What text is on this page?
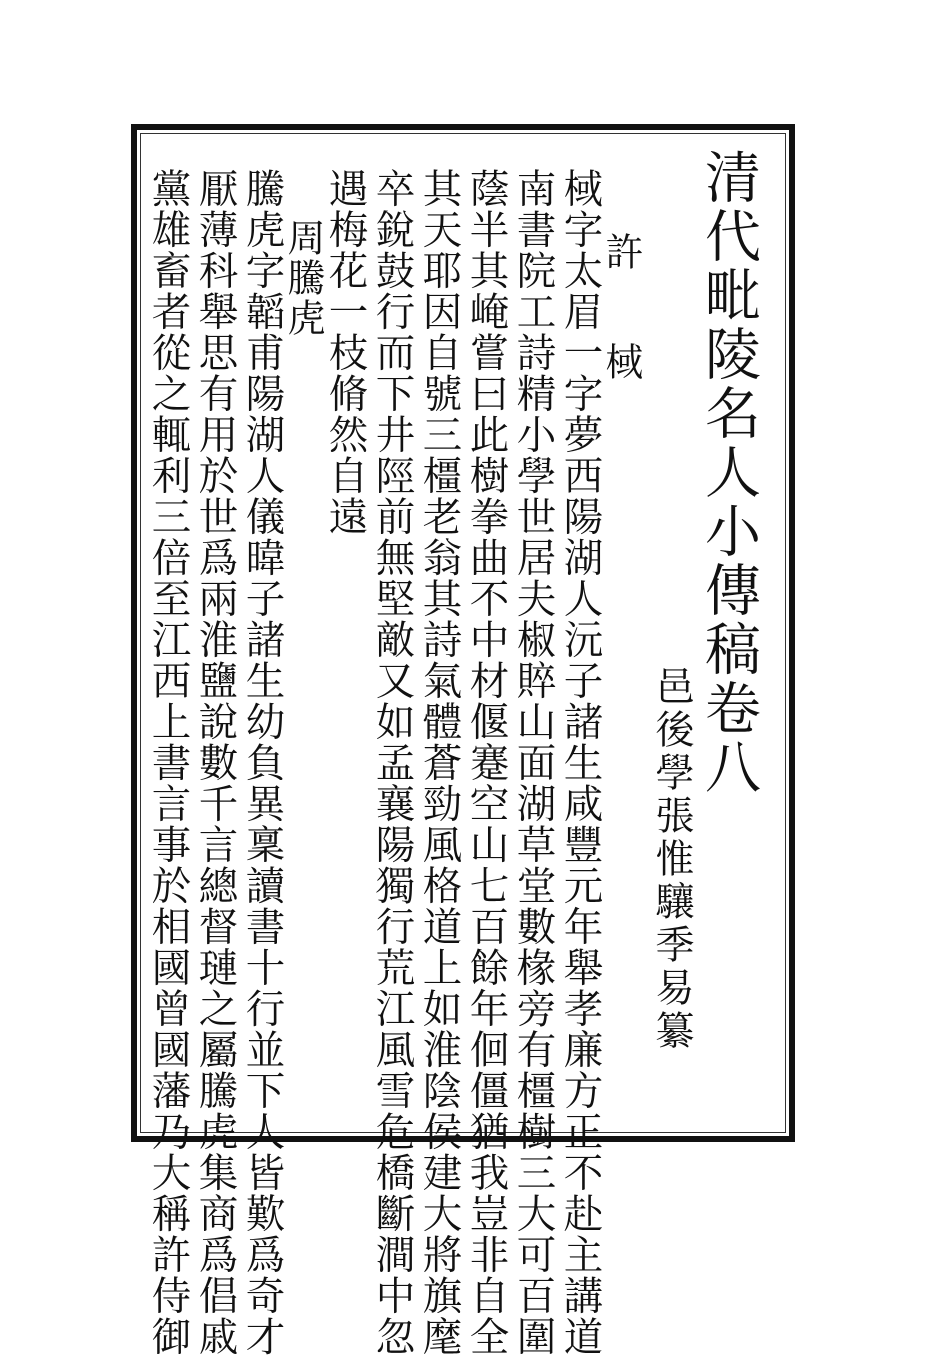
清代毗陵名人小傳稿卷八
邑後學張惟驤季易纂
許 棫
棫字太眉一字夢西陽湖人沅子諸生咸豐元年舉孝廉方正不赴主講道
南書院工詩精小學世居夫椒賥山面湖草堂數椽旁有橿樹三大可百圍
蔭半其崦嘗曰此樹拳曲不中材偃蹇空山七百餘年佪僵猶我豈非自全
其天耶因自號三橿老翁其詩氣體蒼勁風格道上如淮陰侯建大將旗麾
卒銳鼓行而下井陘前無堅敵又如孟襄陽獨行荒江風雪危橋斷澗中忽
遇梅花一枝脩然自遠
周騰虎
騰虎字韜甫陽湖人儀暐子諸生幼負異稟讀書十行並下人皆歎爲奇才
厭薄科舉思有用於世爲兩淮鹽說數千言總督璉之屬騰虎集商爲倡戚
黨雄畜者從之輒利三倍至江西上書言事於相國曾國藩乃大稱許侍御
